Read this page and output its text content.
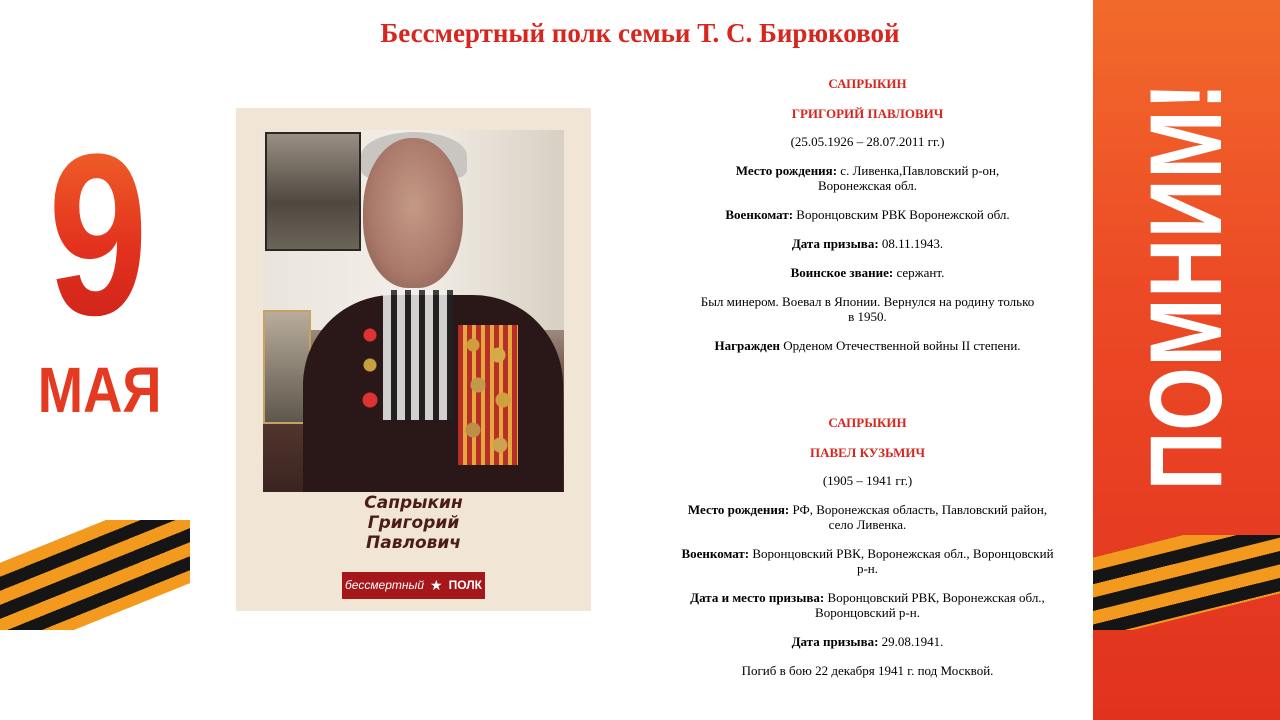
Бессмертный полк семьи Т. С. Бирюковой
9
МАЯ	ПОМНИМ!
Сапрыкин
Григорий
Павлович
бессмертный ★ ПОЛК

САПРЫКИН

ГРИГОРИЙ ПАВЛОВИЧ

(25.05.1926 – 28.07.2011 гг.)

Место рождения: с. Ливенка,Павловский р-он,
Воронежская обл.

Военкомат: Воронцовским РВК Воронежской обл.

Дата призыва: 08.11.1943.

Воинское звание: сержант.

Был минером. Воевал в Японии. Вернулся на родину только
в 1950.

Награжден Орденом Отечественной войны II степени.

САПРЫКИН

ПАВЕЛ КУЗЬМИЧ

(1905 – 1941 гг.)

Место рождения: РФ, Воронежская область, Павловский район,
село Ливенка.

Военкомат: Воронцовский РВК, Воронежская обл., Воронцовский
р-н.

Дата и место призыва: Воронцовский РВК, Воронежская обл.,
Воронцовский р-н.

Дата призыва: 29.08.1941.

Погиб в бою 22 декабря 1941 г. под Москвой.
